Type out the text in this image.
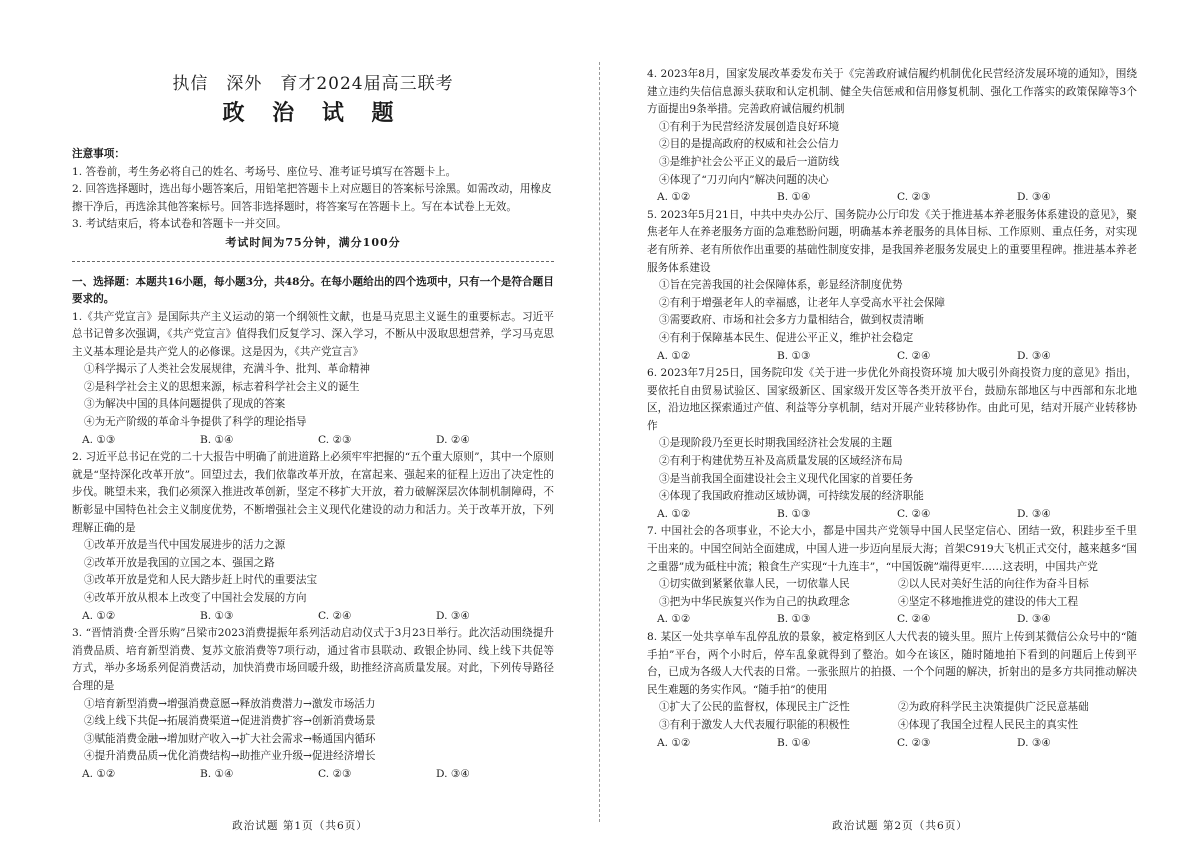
执信　深外　育才2024届高三联考
政 治 试 题
注意事项：
1. 答卷前，考生务必将自己的姓名、考场号、座位号、准考证号填写在答题卡上。
2. 回答选择题时，选出每小题答案后，用铅笔把答题卡上对应题目的答案标号涂黑。如需改动，用橡皮擦干净后，再选涂其他答案标号。回答非选择题时，将答案写在答题卡上。写在本试卷上无效。
3. 考试结束后，将本试卷和答题卡一并交回。
考试时间为75分钟，满分100分
一、选择题：本题共16小题，每小题3分，共48分。在每小题给出的四个选项中，只有一个是符合题目要求的。
1.《共产党宣言》是国际共产主义运动的第一个纲领性文献，也是马克思主义诞生的重要标志。习近平总书记曾多次强调，《共产党宣言》值得我们反复学习、深入学习，不断从中汲取思想营养，学习马克思主义基本理论是共产党人的必修课。这是因为，《共产党宣言》
①科学揭示了人类社会发展规律，充满斗争、批判、革命精神
②是科学社会主义的思想来源，标志着科学社会主义的诞生
③为解决中国的具体问题提供了现成的答案
④为无产阶级的革命斗争提供了科学的理论指导
A. ①③	B. ①④	C. ②③	D. ②④
2. 习近平总书记在党的二十大报告中明确了前进道路上必须牢牢把握的“五个重大原则”，其中一个原则就是“坚持深化改革开放”。回望过去，我们依靠改革开放，在富起来、强起来的征程上迈出了决定性的步伐。眺望未来，我们必须深入推进改革创新，坚定不移扩大开放，着力破解深层次体制机制障碍，不断彰显中国特色社会主义制度优势，不断增强社会主义现代化建设的动力和活力。关于改革开放，下列理解正确的是
①改革开放是当代中国发展进步的活力之源
②改革开放是我国的立国之本、强国之路
③改革开放是党和人民大踏步赶上时代的重要法宝
④改革开放从根本上改变了中国社会发展的方向
A. ①②	B. ①③	C. ②④	D. ③④
3. “晋情消费·全晋乐购”吕梁市2023消费提振年系列活动启动仪式于3月23日举行。此次活动围绕提升消费品质、培育新型消费、复苏文旅消费等7项行动，通过省市县联动、政银企协同、线上线下共促等方式，举办多场系列促消费活动，加快消费市场回暖升级，助推经济高质量发展。对此，下列传导路径合理的是
①培育新型消费→增强消费意愿→释放消费潜力→激发市场活力
②线上线下共促→拓展消费渠道→促进消费扩容→创新消费场景
③赋能消费金融→增加财产收入→扩大社会需求→畅通国内循环
④提升消费品质→优化消费结构→助推产业升级→促进经济增长
A. ①②	B. ①④	C. ②③	D. ③④
政治试题 第1页（共6页）
4. 2023年8月，国家发展改革委发布关于《完善政府诚信履约机制优化民营经济发展环境的通知》，围绕建立违约失信信息源头获取和认定机制、健全失信惩戒和信用修复机制、强化工作落实的政策保障等3个方面提出9条举措。完善政府诚信履约机制
①有利于为民营经济发展创造良好环境
②目的是提高政府的权威和社会公信力
③是维护社会公平正义的最后一道防线
④体现了“刀刃向内”解决问题的决心
A. ①②	B. ①④	C. ②③	D. ③④
5. 2023年5月21日，中共中央办公厅、国务院办公厅印发《关于推进基本养老服务体系建设的意见》，聚焦老年人在养老服务方面的急难愁盼问题，明确基本养老服务的具体目标、工作原则、重点任务，对实现老有所养、老有所依作出重要的基础性制度安排，是我国养老服务发展史上的重要里程碑。推进基本养老服务体系建设
①旨在完善我国的社会保障体系，彰显经济制度优势
②有利于增强老年人的幸福感，让老年人享受高水平社会保障
③需要政府、市场和社会多方力量相结合，做到权责清晰
④有利于保障基本民生、促进公平正义，维护社会稳定
A. ①②	B. ①③	C. ②④	D. ③④
6. 2023年7月25日，国务院印发《关于进一步优化外商投资环境 加大吸引外商投资力度的意见》指出，要依托自由贸易试验区、国家级新区、国家级开发区等各类开放平台，鼓励东部地区与中西部和东北地区，沿边地区探索通过产值、利益等分享机制，结对开展产业转移协作。由此可见，结对开展产业转移协作
①是现阶段乃至更长时期我国经济社会发展的主题
②有利于构建优势互补及高质量发展的区域经济布局
③是当前我国全面建设社会主义现代化国家的首要任务
④体现了我国政府推动区域协调，可持续发展的经济职能
A. ①②	B. ①③	C. ②④	D. ③④
7. 中国社会的各项事业，不论大小，都是中国共产党领导中国人民坚定信心、团结一致，积跬步至千里干出来的。中国空间站全面建成，中国人进一步迈向星辰大海；首架C919大飞机正式交付，越来越多“国之重器”成为砥柱中流；粮食生产实现“十九连丰”，“中国饭碗”端得更牢……这表明，中国共产党
①切实做到紧紧依靠人民，一切依靠人民	②以人民对美好生活的向往作为奋斗目标
③把为中华民族复兴作为自己的执政理念	④坚定不移地推进党的建设的伟大工程
A. ①②	B. ①③	C. ②④	D. ③④
8. 某区一处共享单车乱停乱放的景象，被定格到区人大代表的镜头里。照片上传到某微信公众号中的“随手拍”平台，两个小时后，停车乱象就得到了整治。如今在该区，随时随地拍下看到的问题后上传到平台，已成为各级人大代表的日常。一张张照片的拍摄、一个个问题的解决，折射出的是多方共同推动解决民生难题的务实作风。“随手拍”的使用
①扩大了公民的监督权，体现民主广泛性	②为政府科学民主决策提供广泛民意基础
③有利于激发人大代表履行职能的积极性	④体现了我国全过程人民民主的真实性
A. ①②	B. ①④	C. ②③	D. ③④
政治试题 第2页（共6页）
